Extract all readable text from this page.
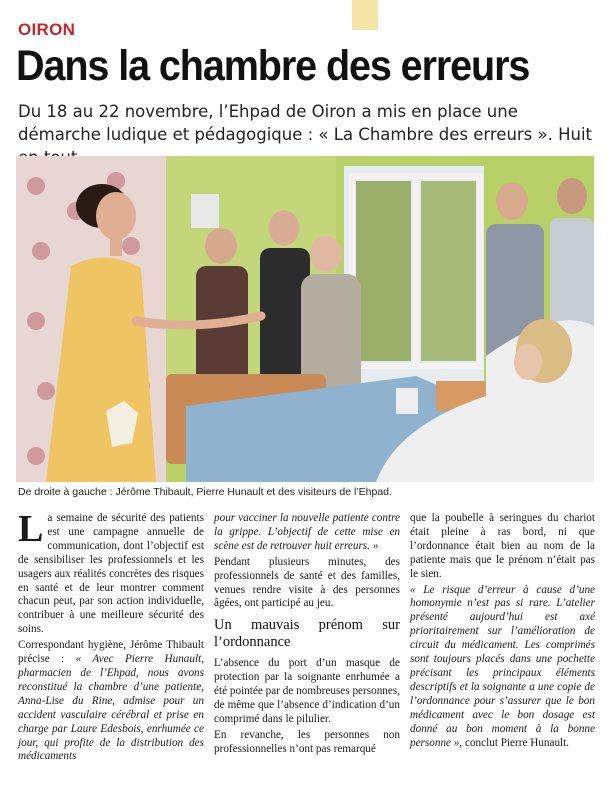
OIRON
Dans la chambre des erreurs
Du 18 au 22 novembre, l’Ehpad de Oiron a mis en place une démarche ludique et pédagogique : « La Chambre des erreurs ». Huit
De droite à gauche : Jérôme Thibault, Pierre Hunault et des visiteurs de l’Ehpad.

La semaine de sécurité des patients est une campagne annuelle de communication, dont l’objectif est de sensibiliser les professionnels et les usagers aux réalités concrètes des risques en santé et de leur montrer comment chacun peut, par son action individuelle, contribuer à une meilleure sécurité des soins.

Correspondant hygiène, Jérôme Thibault précise : « Avec Pierre Hunault, pharmacien de l’Ehpad, nous avons reconstitué la chambre d’une patiente, Anna-Lise du Rine, admise pour un accident vasculaire cérébral et prise en charge par Laure Edesbois, enrhumée ce jour, qui profite de la distribution des médicaments

pour vacciner la nouvelle patiente contre la grippe. L’objectif de cette mise en scène est de retrouver huit erreurs. »

Pendant plusieurs minutes, des professionnels de santé et des familles, venues rendre visite à des personnes âgées, ont participé au jeu.

Un mauvais prénom sur l’ordonnance

L’absence du port d’un masque de protection par la soignante enrhumée a été pointée par de nombreuses personnes, de même que l’absence d’indication d’un comprimé dans le pilulier.

En revanche, les personnes non professionnelles n’ont pas remarqué

que la poubelle à seringues du chariot était pleine à ras bord, ni que l’ordonnance était bien au nom de la patiente mais que le prénom n’était pas le sien.

« Le risque d’erreur à cause d’une homonymie n’est pas si rare. L’atelier présenté aujourd’hui est axé prioritairement sur l’amélioration de circuit du médicament. Les comprimés sont toujours placés dans une pochette précisant les principaux éléments descriptifs et la soignante a une copie de l’ordonnance pour s’assurer que le bon médicament avec le bon dosage est donné au bon moment à la bonne personne », conclut Pierre Hunault.
